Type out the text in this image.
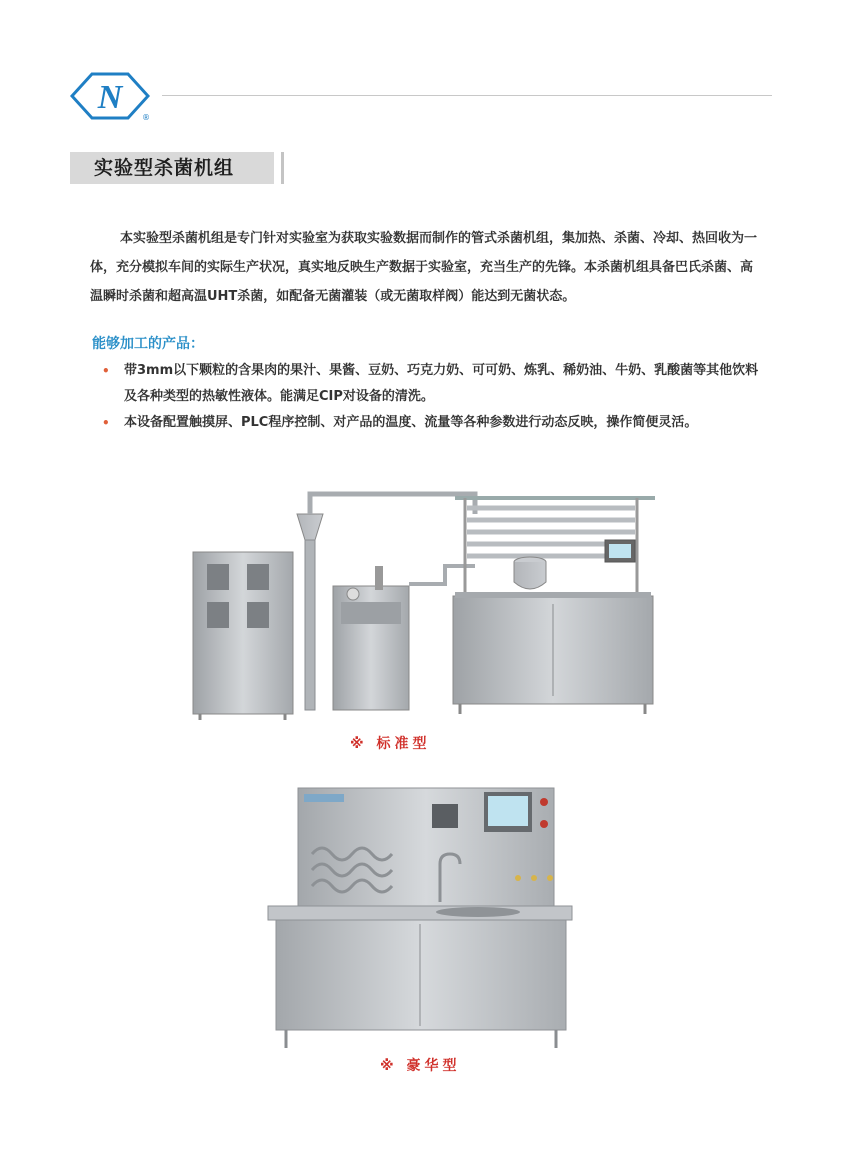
N
®
实验型杀菌机组

本实验型杀菌机组是专门针对实验室为获取实验数据而制作的管式杀菌机组，集加热、杀菌、冷却、热回收为一体，充分模拟车间的实际生产状况，真实地反映生产数据于实验室，充当生产的先锋。本杀菌机组具备巴氏杀菌、高温瞬时杀菌和超高温UHT杀菌，如配备无菌灌装（或无菌取样阀）能达到无菌状态。

能够加工的产品：
• 带3mm以下颗粒的含果肉的果汁、果酱、豆奶、巧克力奶、可可奶、炼乳、稀奶油、牛奶、乳酸菌等其他饮料及各种类型的热敏性液体。能满足CIP对设备的清洗。
• 本设备配置触摸屏、PLC程序控制、对产品的温度、流量等各种参数进行动态反映，操作简便灵活。
※ 标准型
※ 豪华型
